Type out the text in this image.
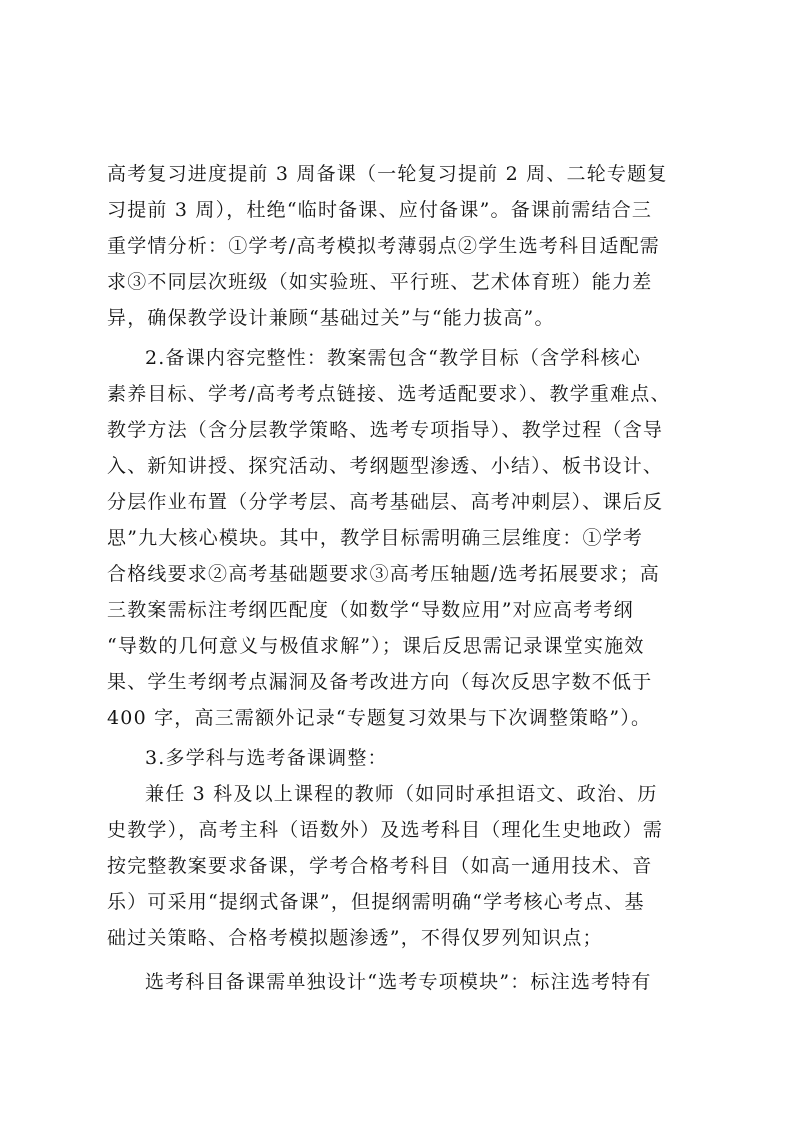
高考复习进度提前 3 周备课（一轮复习提前 2 周、二轮专题复
习提前 3 周），杜绝“临时备课、应付备课”。备课前需结合三
重学情分析：①学考/高考模拟考薄弱点②学生选考科目适配需
求③不同层次班级（如实验班、平行班、艺术体育班）能力差
异，确保教学设计兼顾“基础过关”与“能力拔高”。
2.备课内容完整性：教案需包含“教学目标（含学科核心
素养目标、学考/高考考点链接、选考适配要求）、教学重难点、
教学方法（含分层教学策略、选考专项指导）、教学过程（含导
入、新知讲授、探究活动、考纲题型渗透、小结）、板书设计、
分层作业布置（分学考层、高考基础层、高考冲刺层）、课后反
思”九大核心模块。其中，教学目标需明确三层维度：①学考
合格线要求②高考基础题要求③高考压轴题/选考拓展要求；高
三教案需标注考纲匹配度（如数学“导数应用”对应高考考纲
“导数的几何意义与极值求解”）；课后反思需记录课堂实施效
果、学生考纲考点漏洞及备考改进方向（每次反思字数不低于
400 字，高三需额外记录“专题复习效果与下次调整策略”）。
3.多学科与选考备课调整：
兼任 3 科及以上课程的教师（如同时承担语文、政治、历
史教学），高考主科（语数外）及选考科目（理化生史地政）需
按完整教案要求备课，学考合格考科目（如高一通用技术、音
乐）可采用“提纲式备课”，但提纲需明确“学考核心考点、基
础过关策略、合格考模拟题渗透”，不得仅罗列知识点；
选考科目备课需单独设计“选考专项模块”：标注选考特有
